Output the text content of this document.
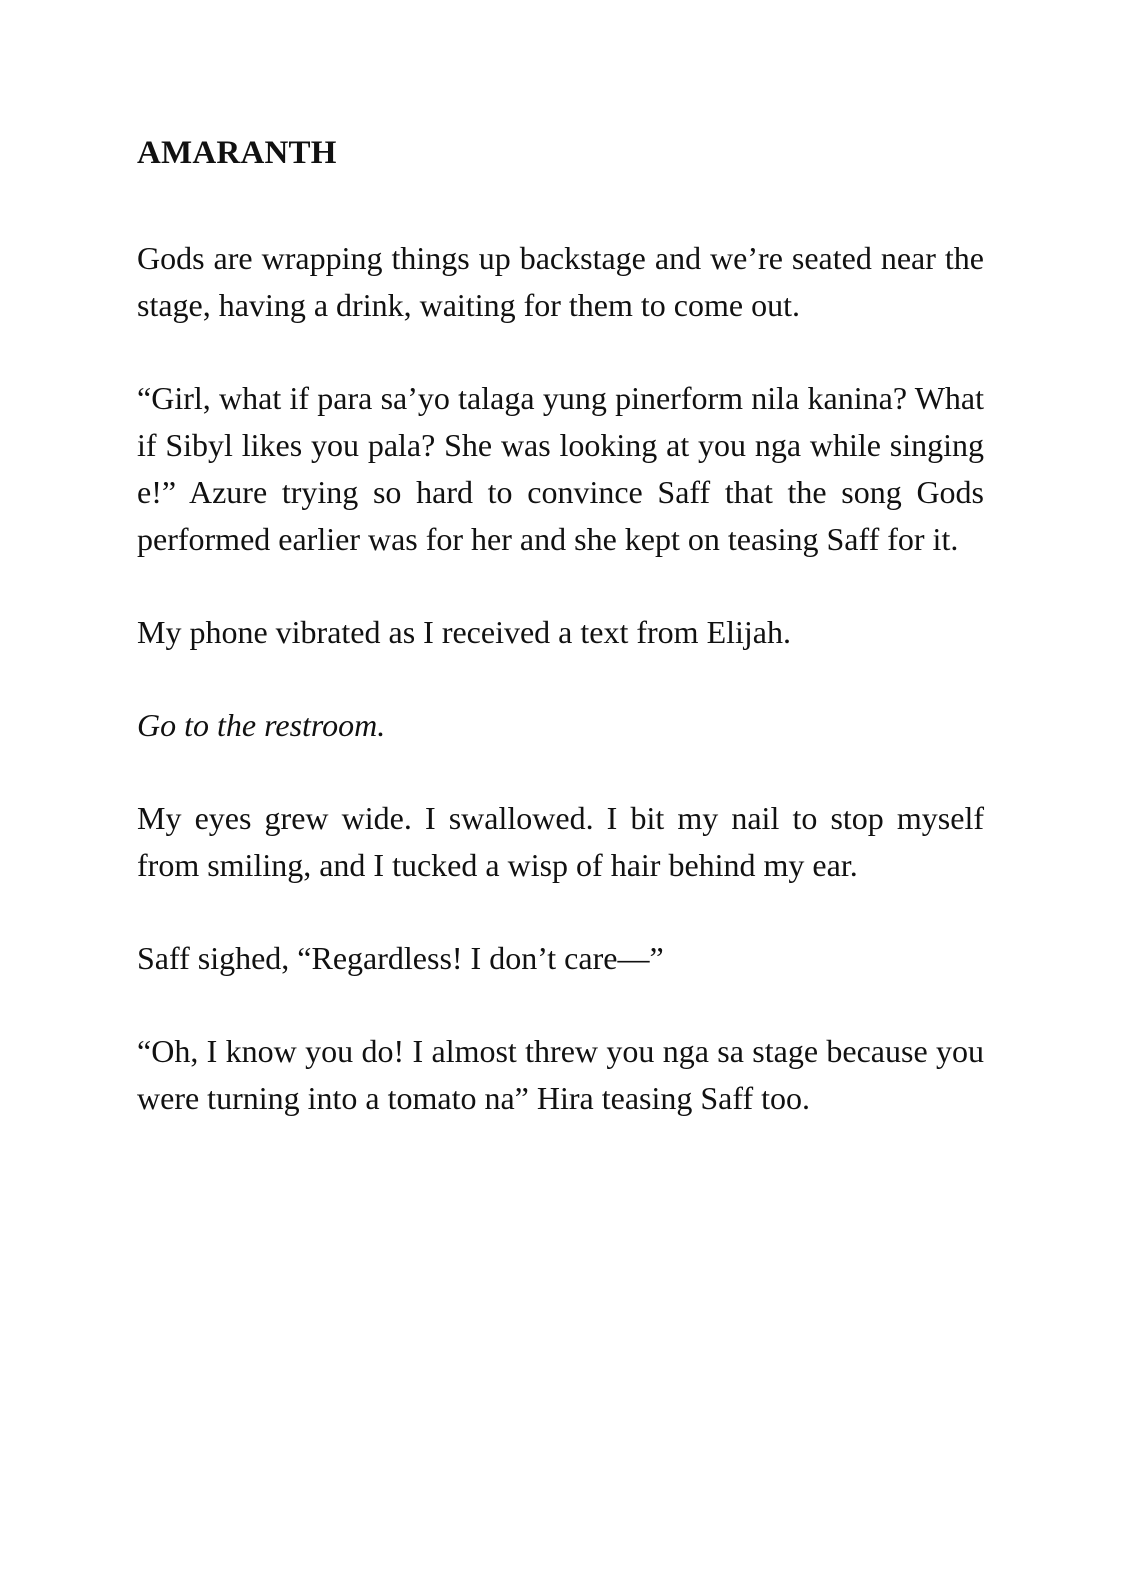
AMARANTH

Gods are wrapping things up backstage and we’re seated near the stage, having a drink, waiting for them to come out.

“Girl, what if para sa’yo talaga yung pinerform nila kanina? What if Sibyl likes you pala? She was looking at you nga while singing e!” Azure trying so hard to convince Saff that the song Gods performed earlier was for her and she kept on teasing Saff for it.

My phone vibrated as I received a text from Elijah.

Go to the restroom.

My eyes grew wide. I swallowed. I bit my nail to stop myself from smiling, and I tucked a wisp of hair behind my ear.

Saff sighed, “Regardless! I don’t care—”

“Oh, I know you do! I almost threw you nga sa stage because you were turning into a tomato na” Hira teasing Saff too.
